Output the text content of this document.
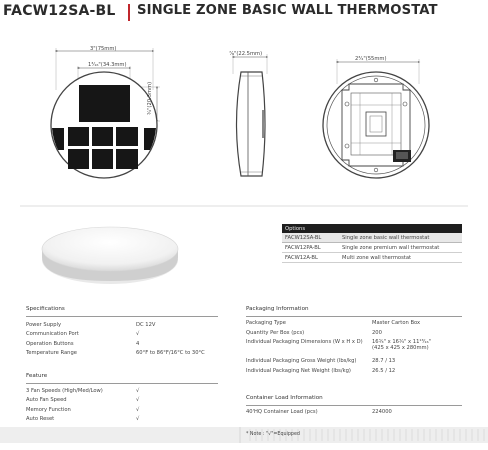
FACW12SA-BL SINGLE ZONE BASIC WALL THERMOSTAT
3"(75mm)
1³⁄₁₆"(34.3mm)
¾"(20.3mm)
⁷⁄₈"(22.5mm)
2³⁄₄"(55mm)
Options
FACW12SA-BL	Single zone basic wall thermostat
FACW12PA-BL	Single zone premium wall thermostat
FACW12A-BL	Multi zone wall thermostat
Specifications
Power Supply	DC 12V
Communication Port	√
Operation Buttons	4
Temperature Range	60°F to 86°F/16°C to 30°C
Feature
3 Fan Speeds (High/Med/Low)	√
Auto Fan Speed	√
Memory Function	√
Auto Reset	√
Packaging Information
Packaging Type	Master Carton Box
Quantity Per Box (pcs)	200
Individual Packaging Dimensions (W x H x D)	16¾" x 16¾" x 11¹³⁄₁₆"
(425 x 425 x 280mm)
Individual Packaging Gross Weight (lbs/kg)	28.7 / 13
Individual Packaging Net Weight (lbs/kg)	26.5 / 12
Container Load Information
40'HQ Container Load (pcs)	224000
* Note : "√"=Equipped
